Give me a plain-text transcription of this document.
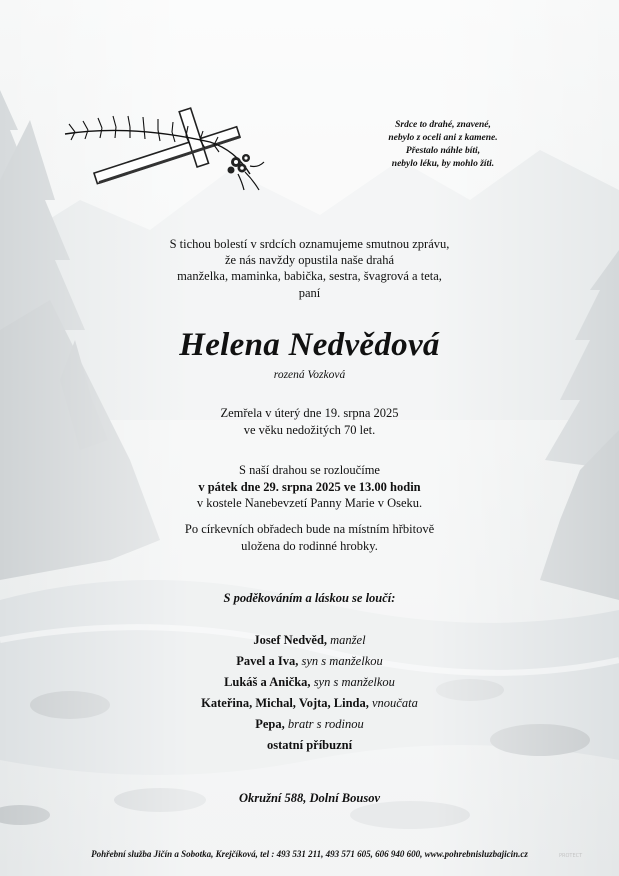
Srdce to drahé, znavené,
nebylo z oceli ani z kamene.
Přestalo náhle bíti,
nebylo léku, by mohlo žíti.
S tichou bolestí v srdcích oznamujeme smutnou zprávu,
že nás navždy opustila naše drahá
manželka, maminka, babička, sestra, švagrová a teta,
paní
Helena Nedvědová
rozená Vozková
Zemřela v úterý dne 19. srpna 2025
ve věku nedožitých 70 let.
S naší drahou se rozloučíme
v pátek dne 29. srpna 2025 ve 13.00 hodin
v kostele Nanebevzetí Panny Marie v Oseku.
Po církevních obřadech bude na místním hřbitově
uložena do rodinné hrobky.
S poděkováním a láskou se loučí:
Josef Nedvěd, manžel
Pavel a Iva, syn s manželkou
Lukáš a Anička, syn s manželkou
Kateřina, Michal, Vojta, Linda, vnoučata
Pepa, bratr s rodinou
ostatní příbuzní
Okružní 588, Dolní Bousov
Pohřební služba Jičín a Sobotka, Krejčíková, tel : 493 531 211, 493 571 605, 606 940 600, www.pohrebnisluzbajicin.cz	PROTECT
